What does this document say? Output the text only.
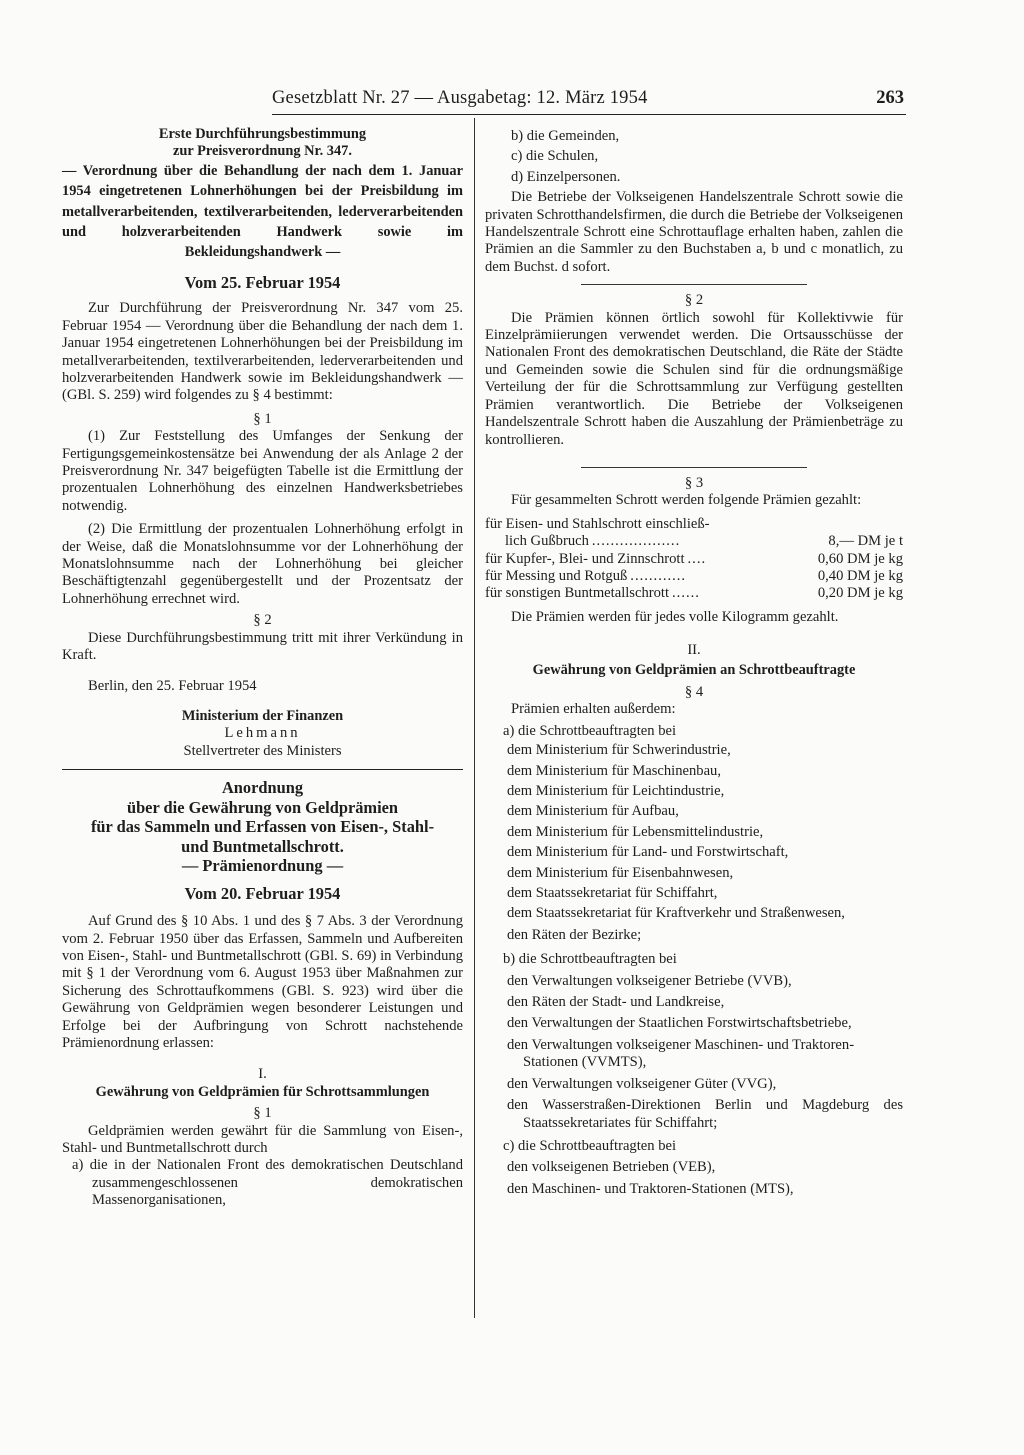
Gesetzblatt Nr. 27 — Ausgabetag: 12. März 1954	263

Erste Durchführungsbestimmung

zur Preisverordnung Nr. 347.

— Verordnung über die Behandlung der nach dem 1. Januar 1954 eingetretenen Lohnerhöhungen bei der Preisbildung im metallverarbeitenden, textilverarbeitenden, lederverarbeitenden und holzverarbeitenden Handwerk sowie im Bekleidungshandwerk —

Vom 25. Februar 1954

Zur Durchführung der Preisverordnung Nr. 347 vom 25. Februar 1954 — Verordnung über die Behandlung der nach dem 1. Januar 1954 eingetretenen Lohnerhöhungen bei der Preisbildung im metallverarbeitenden, textilverarbeitenden, lederverarbeitenden und holzverarbeitenden Handwerk sowie im Bekleidungshandwerk — (GBl. S. 259) wird folgendes zu § 4 bestimmt:

§ 1

(1) Zur Feststellung des Umfanges der Senkung der Fertigungsgemeinkostensätze bei Anwendung der als Anlage 2 der Preisverordnung Nr. 347 beigefügten Tabelle ist die Ermittlung der prozentualen Lohnerhöhung des einzelnen Handwerksbetriebes notwendig.

(2) Die Ermittlung der prozentualen Lohnerhöhung erfolgt in der Weise, daß die Monatslohnsumme vor der Lohnerhöhung der Monatslohnsumme nach der Lohnerhöhung bei gleicher Beschäftigtenzahl gegenübergestellt und der Prozentsatz der Lohnerhöhung errechnet wird.

§ 2

Diese Durchführungsbestimmung tritt mit ihrer Verkündung in Kraft.

Berlin, den 25. Februar 1954

Ministerium der Finanzen

Lehmann

Stellvertreter des Ministers

Anordnung

über die Gewährung von Geldprämien

für das Sammeln und Erfassen von Eisen-, Stahl-

und Buntmetallschrott.

— Prämienordnung —

Vom 20. Februar 1954

Auf Grund des § 10 Abs. 1 und des § 7 Abs. 3 der Verordnung vom 2. Februar 1950 über das Erfassen, Sammeln und Aufbereiten von Eisen-, Stahl- und Buntmetallschrott (GBl. S. 69) in Verbindung mit § 1 der Verordnung vom 6. August 1953 über Maßnahmen zur Sicherung des Schrottaufkommens (GBl. S. 923) wird über die Gewährung von Geldprämien wegen besonderer Leistungen und Erfolge bei der Aufbringung von Schrott nachstehende Prämienordnung erlassen:

I.

Gewährung von Geldprämien für Schrottsammlungen

§ 1

Geldprämien werden gewährt für die Sammlung von Eisen-, Stahl- und Buntmetallschrott durch

a) die in der Nationalen Front des demokratischen Deutschland zusammengeschlossenen demokratischen Massenorganisationen,

b) die Gemeinden,

c) die Schulen,

d) Einzelpersonen.

Die Betriebe der Volkseigenen Handelszentrale Schrott sowie die privaten Schrotthandelsfirmen, die durch die Betriebe der Volkseigenen Handelszentrale Schrott eine Schrottauflage erhalten haben, zahlen die Prämien an die Sammler zu den Buchstaben a, b und c monatlich, zu dem Buchst. d sofort.

§ 2

Die Prämien können örtlich sowohl für Kollektivwie für Einzelprämiierungen verwendet werden. Die Ortsausschüsse der Nationalen Front des demokratischen Deutschland, die Räte der Städte und Gemeinden sowie die Schulen sind für die ordnungsmäßige Verteilung der für die Schrottsammlung zur Verfügung gestellten Prämien verantwortlich. Die Betriebe der Volkseigenen Handelszentrale Schrott haben die Auszahlung der Prämienbeträge zu kontrollieren.

§ 3

Für gesammelten Schrott werden folgende Prämien gezahlt:

für Eisen- und Stahlschrott einschließ-

lich Gußbruch ...................	8,— DM je t
für Kupfer-, Blei- und Zinnschrott ....	0,60 DM je kg
für Messing und Rotguß ............	0,40 DM je kg
für sonstigen Buntmetallschrott ......	0,20 DM je kg

Die Prämien werden für jedes volle Kilogramm gezahlt.

II.

Gewährung von Geldprämien an Schrottbeauftragte

§ 4

Prämien erhalten außerdem:

a) die Schrottbeauftragten bei

dem Ministerium für Schwerindustrie,

dem Ministerium für Maschinenbau,

dem Ministerium für Leichtindustrie,

dem Ministerium für Aufbau,

dem Ministerium für Lebensmittelindustrie,

dem Ministerium für Land- und Forstwirtschaft,

dem Ministerium für Eisenbahnwesen,

dem Staatssekretariat für Schiffahrt,

dem Staatssekretariat für Kraftverkehr und Straßenwesen,

den Räten der Bezirke;

b) die Schrottbeauftragten bei

den Verwaltungen volkseigener Betriebe (VVB),

den Räten der Stadt- und Landkreise,

den Verwaltungen der Staatlichen Forstwirtschaftsbetriebe,

den Verwaltungen volkseigener Maschinen- und Traktoren-Stationen (VVMTS),

den Verwaltungen volkseigener Güter (VVG),

den Wasserstraßen-Direktionen Berlin und Magdeburg des Staatssekretariates für Schiffahrt;

c) die Schrottbeauftragten bei

den volkseigenen Betrieben (VEB),

den Maschinen- und Traktoren-Stationen (MTS),
